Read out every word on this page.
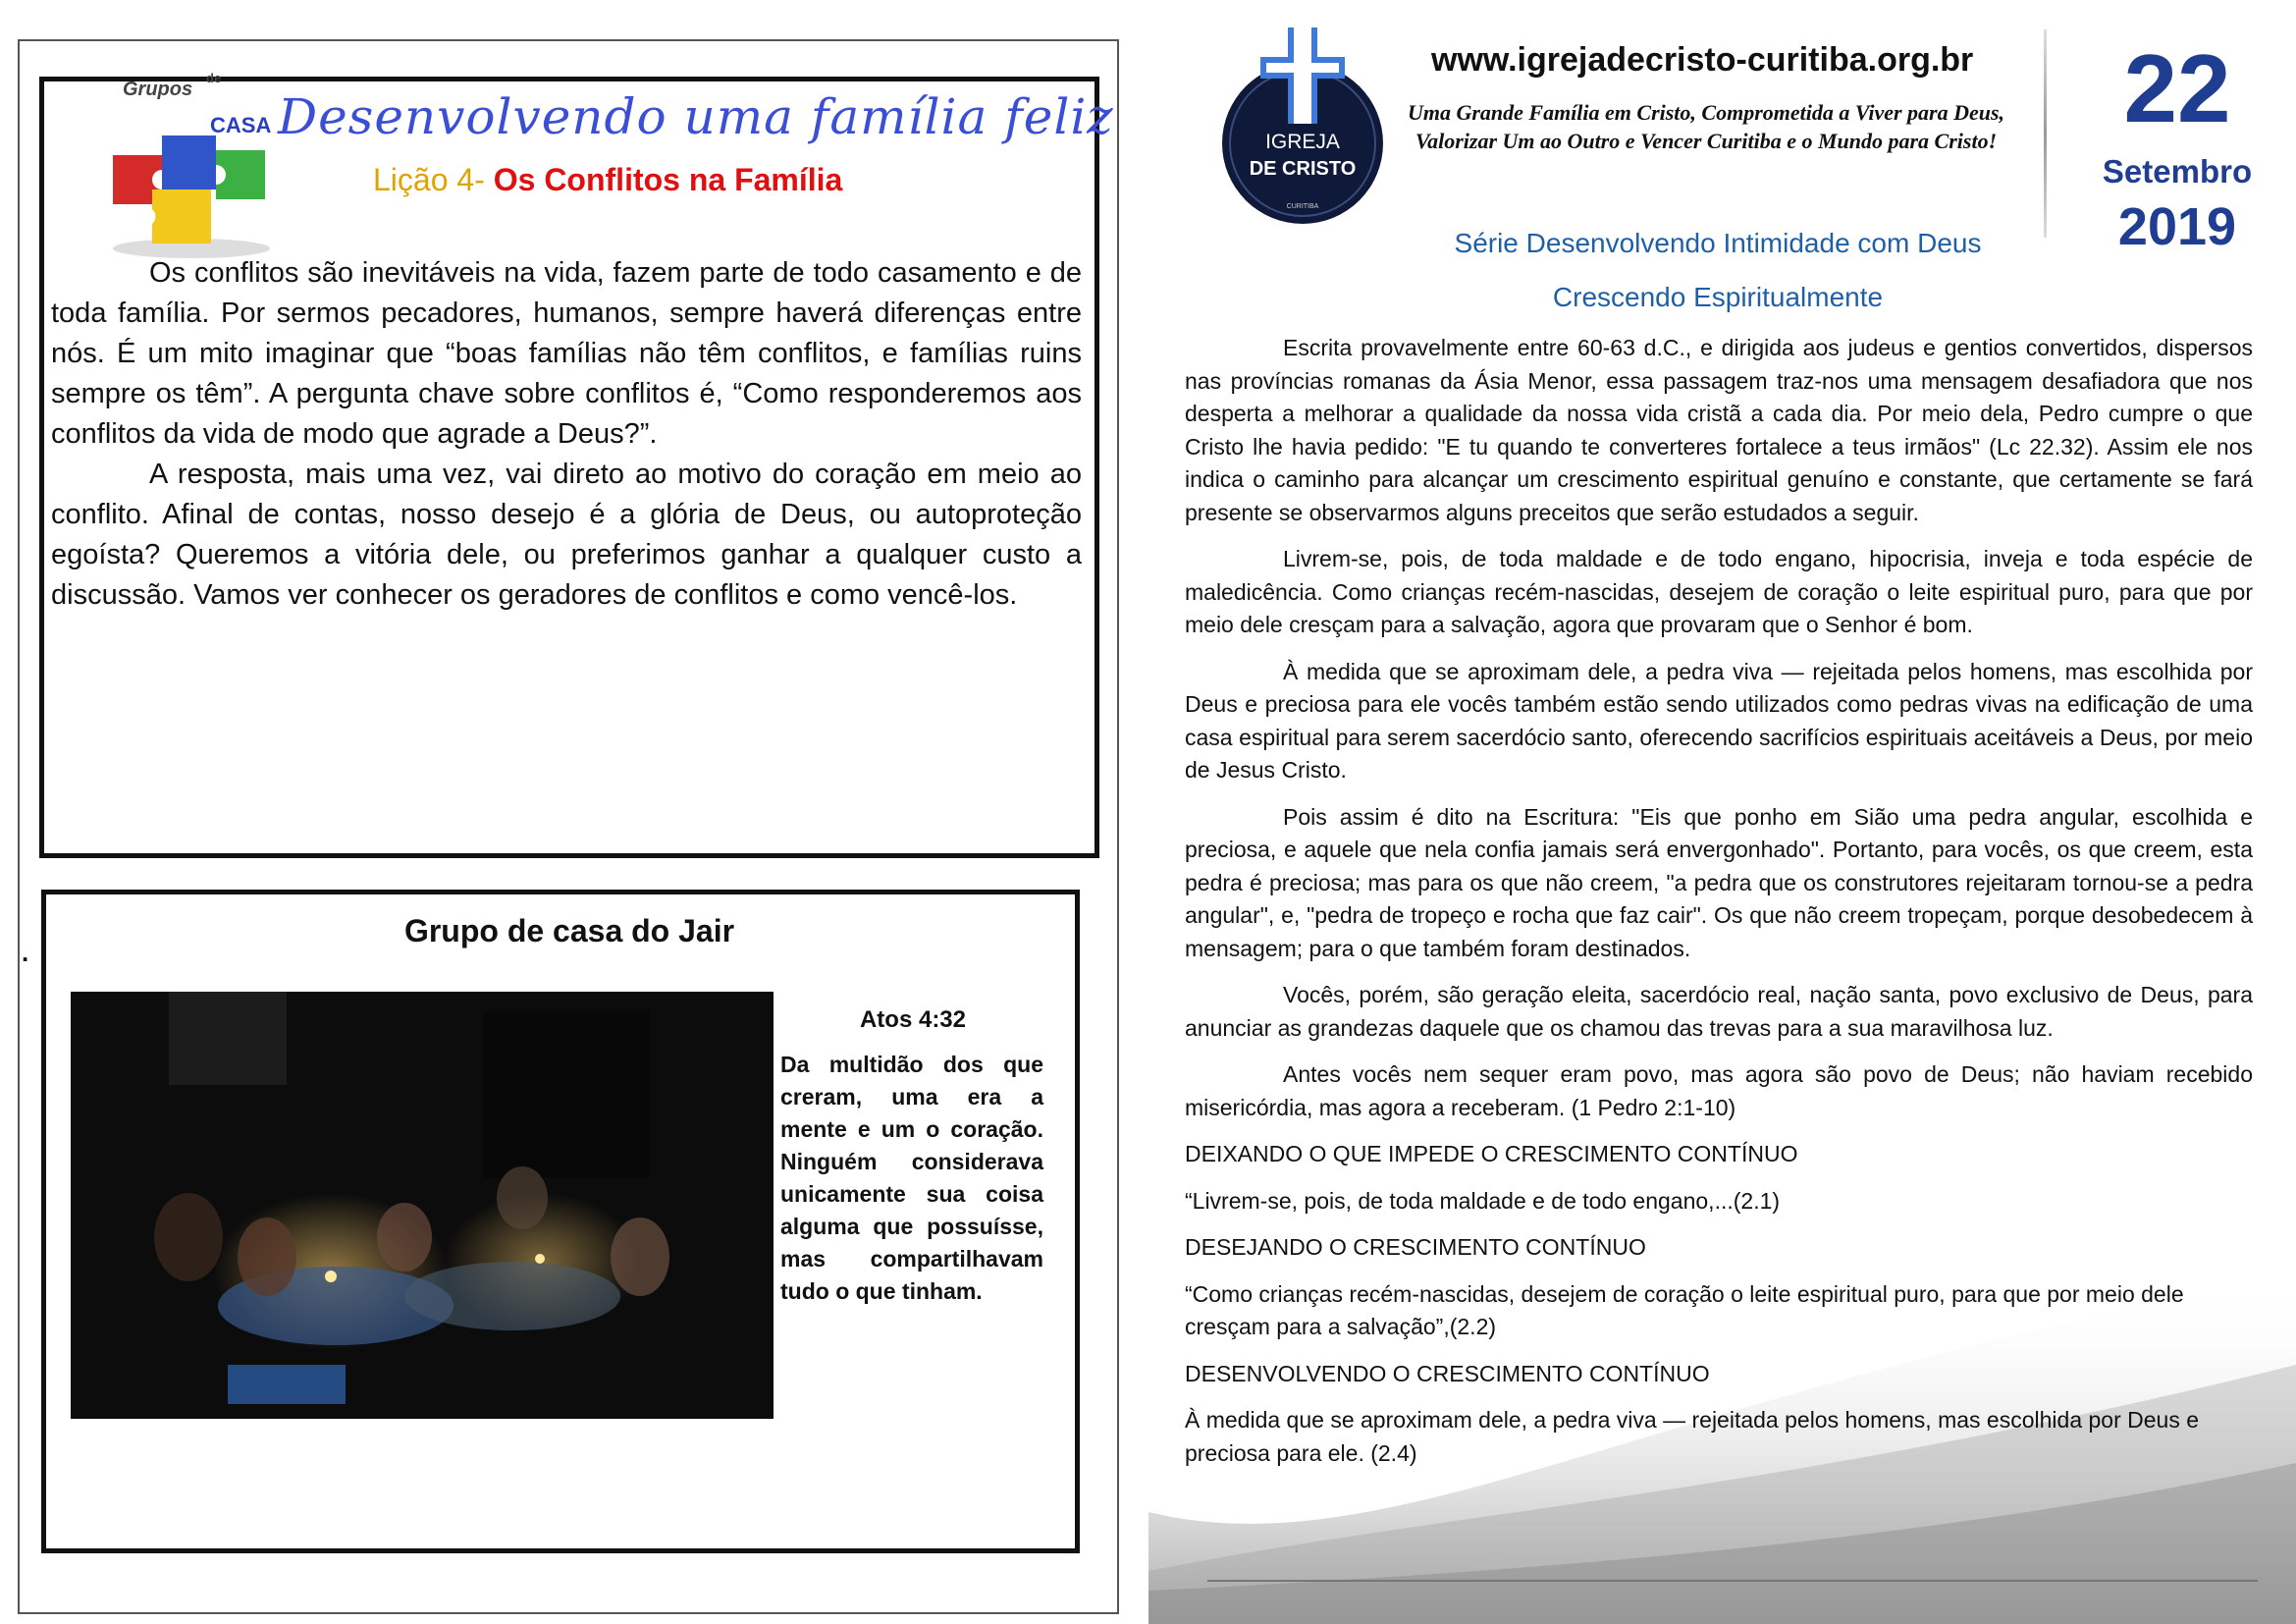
Grupos
de
CASA Desenvolvendo uma família feliz
Lição 4- Os Conflitos na Família

Os conflitos são inevitáveis na vida, fazem parte de todo casamento e de toda família. Por sermos pecadores, humanos, sempre haverá diferenças entre nós. É um mito imaginar que “boas famílias não têm conflitos, e famílias ruins sempre os têm”. A pergunta chave sobre conflitos é, “Como responderemos aos conflitos da vida de modo que agrade a Deus?”.

A resposta, mais uma vez, vai direto ao motivo do coração em meio ao conflito. Afinal de contas, nosso desejo é a glória de Deus, ou autoproteção egoísta? Queremos a vitória dele, ou preferimos ganhar a qualquer custo a discussão. Vamos ver conhecer os geradores de conflitos e como vencê-los.

.
Grupo de casa do Jair
Atos 4:32
Da multidão dos que creram, uma era a mente e um o coração. Ninguém considerava unicamente sua coisa alguma que possuísse, mas compartilhavam tudo o que tinham.
IGREJA
DE CRISTO
CURITIBA
www.igrejadecristo-curitiba.org.br
Uma Grande Família em Cristo, Comprometida a Viver para Deus,
Valorizar Um ao Outro e Vencer Curitiba e o Mundo para Cristo!	22
Setembro
2019
Série Desenvolvendo Intimidade com Deus
Crescendo Espiritualmente

Escrita provavelmente entre 60-63 d.C., e dirigida aos judeus e gentios convertidos, dispersos nas províncias romanas da Ásia Menor, essa passagem traz-nos uma mensagem desafiadora que nos desperta a melhorar a qualidade da nossa vida cristã a cada dia. Por meio dela, Pedro cumpre o que Cristo lhe havia pedido: "E tu quando te converteres fortalece a teus irmãos" (Lc 22.32). Assim ele nos indica o caminho para alcançar um crescimento espiritual genuíno e constante, que certamente se fará presente se observarmos alguns preceitos que serão estudados a seguir.

Livrem-se, pois, de toda maldade e de todo engano, hipocrisia, inveja e toda espécie de maledicência. Como crianças recém-nascidas, desejem de coração o leite espiritual puro, para que por meio dele cresçam para a salvação, agora que provaram que o Senhor é bom.

À medida que se aproximam dele, a pedra viva — rejeitada pelos homens, mas escolhida por Deus e preciosa para ele vocês também estão sendo utilizados como pedras vivas na edificação de uma casa espiritual para serem sacerdócio santo, oferecendo sacrifícios espirituais aceitáveis a Deus, por meio de Jesus Cristo.

Pois assim é dito na Escritura: "Eis que ponho em Sião uma pedra angular, escolhida e preciosa, e aquele que nela confia jamais será envergonhado". Portanto, para vocês, os que creem, esta pedra é preciosa; mas para os que não creem, "a pedra que os construtores rejeitaram tornou-se a pedra angular", e, "pedra de tropeço e rocha que faz cair". Os que não creem tropeçam, porque desobedecem à mensagem; para o que também foram destinados.

Vocês, porém, são geração eleita, sacerdócio real, nação santa, povo exclusivo de Deus, para anunciar as grandezas daquele que os chamou das trevas para a sua maravilhosa luz.

Antes vocês nem sequer eram povo, mas agora são povo de Deus; não haviam recebido misericórdia, mas agora a receberam. (1 Pedro 2:1-10)

DEIXANDO O QUE IMPEDE O CRESCIMENTO CONTÍNUO

“Livrem-se, pois, de toda maldade e de todo engano,...(2.1)

DESEJANDO O CRESCIMENTO CONTÍNUO

“Como crianças recém-nascidas, desejem de coração o leite espiritual puro, para que por meio dele cresçam para a salvação”,(2.2)

DESENVOLVENDO O CRESCIMENTO CONTÍNUO

À medida que se aproximam dele, a pedra viva — rejeitada pelos homens, mas escolhida por Deus e preciosa para ele. (2.4)
